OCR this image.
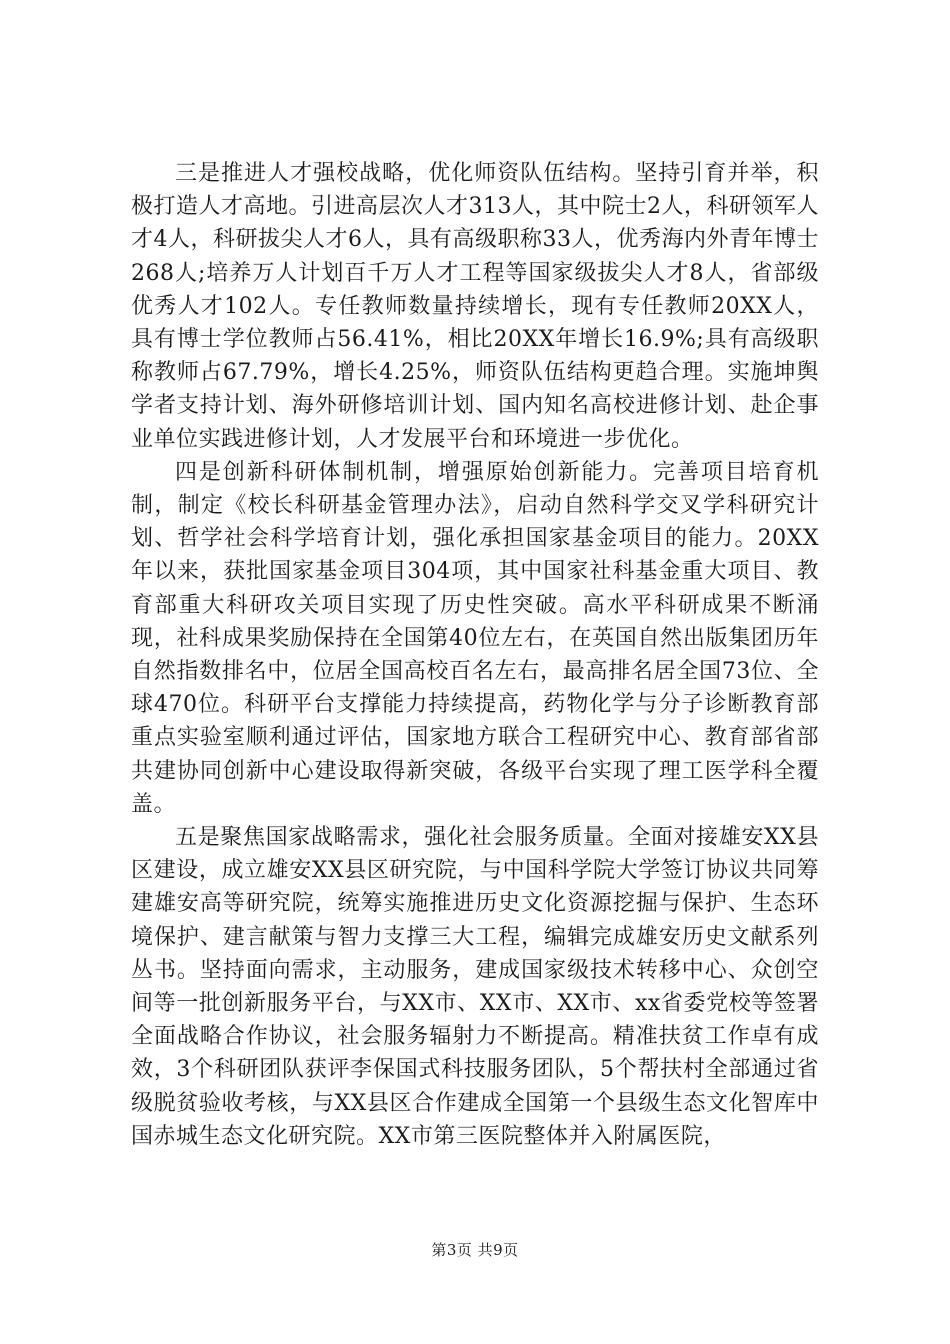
三是推进人才强校战略，优化师资队伍结构。坚持引育并举，积极打造人才高地。引进高层次人才313人，其中院士2人，科研领军人才4人，科研拔尖人才6人，具有高级职称33人，优秀海内外青年博士268人;培养万人计划百千万人才工程等国家级拔尖人才8人，省部级优秀人才102人。专任教师数量持续增长，现有专任教师20XX人，具有博士学位教师占56.41%，相比20XX年增长16.9%;具有高级职称教师占67.79%，增长4.25%，师资队伍结构更趋合理。实施坤舆学者支持计划、海外研修培训计划、国内知名高校进修计划、赴企事业单位实践进修计划，人才发展平台和环境进一步优化。

四是创新科研体制机制，增强原始创新能力。完善项目培育机制，制定《校长科研基金管理办法》，启动自然科学交叉学科研究计划、哲学社会科学培育计划，强化承担国家基金项目的能力。20XX年以来，获批国家基金项目304项，其中国家社科基金重大项目、教育部重大科研攻关项目实现了历史性突破。高水平科研成果不断涌现，社科成果奖励保持在全国第40位左右，在英国自然出版集团历年自然指数排名中，位居全国高校百名左右，最高排名居全国73位、全球470位。科研平台支撑能力持续提高，药物化学与分子诊断教育部重点实验室顺利通过评估，国家地方联合工程研究中心、教育部省部共建协同创新中心建设取得新突破，各级平台实现了理工医学科全覆盖。

五是聚焦国家战略需求，强化社会服务质量。全面对接雄安XX县区建设，成立雄安XX县区研究院，与中国科学院大学签订协议共同筹建雄安高等研究院，统筹实施推进历史文化资源挖掘与保护、生态环境保护、建言献策与智力支撑三大工程，编辑完成雄安历史文献系列丛书。坚持面向需求，主动服务，建成国家级技术转移中心、众创空间等一批创新服务平台，与XX市、XX市、XX市、xx省委党校等签署全面战略合作协议，社会服务辐射力不断提高。精准扶贫工作卓有成效，3个科研团队获评李保国式科技服务团队，5个帮扶村全部通过省级脱贫验收考核，与XX县区合作建成全国第一个县级生态文化智库中国赤城生态文化研究院。XX市第三医院整体并入附属医院，

第3页 共9页
